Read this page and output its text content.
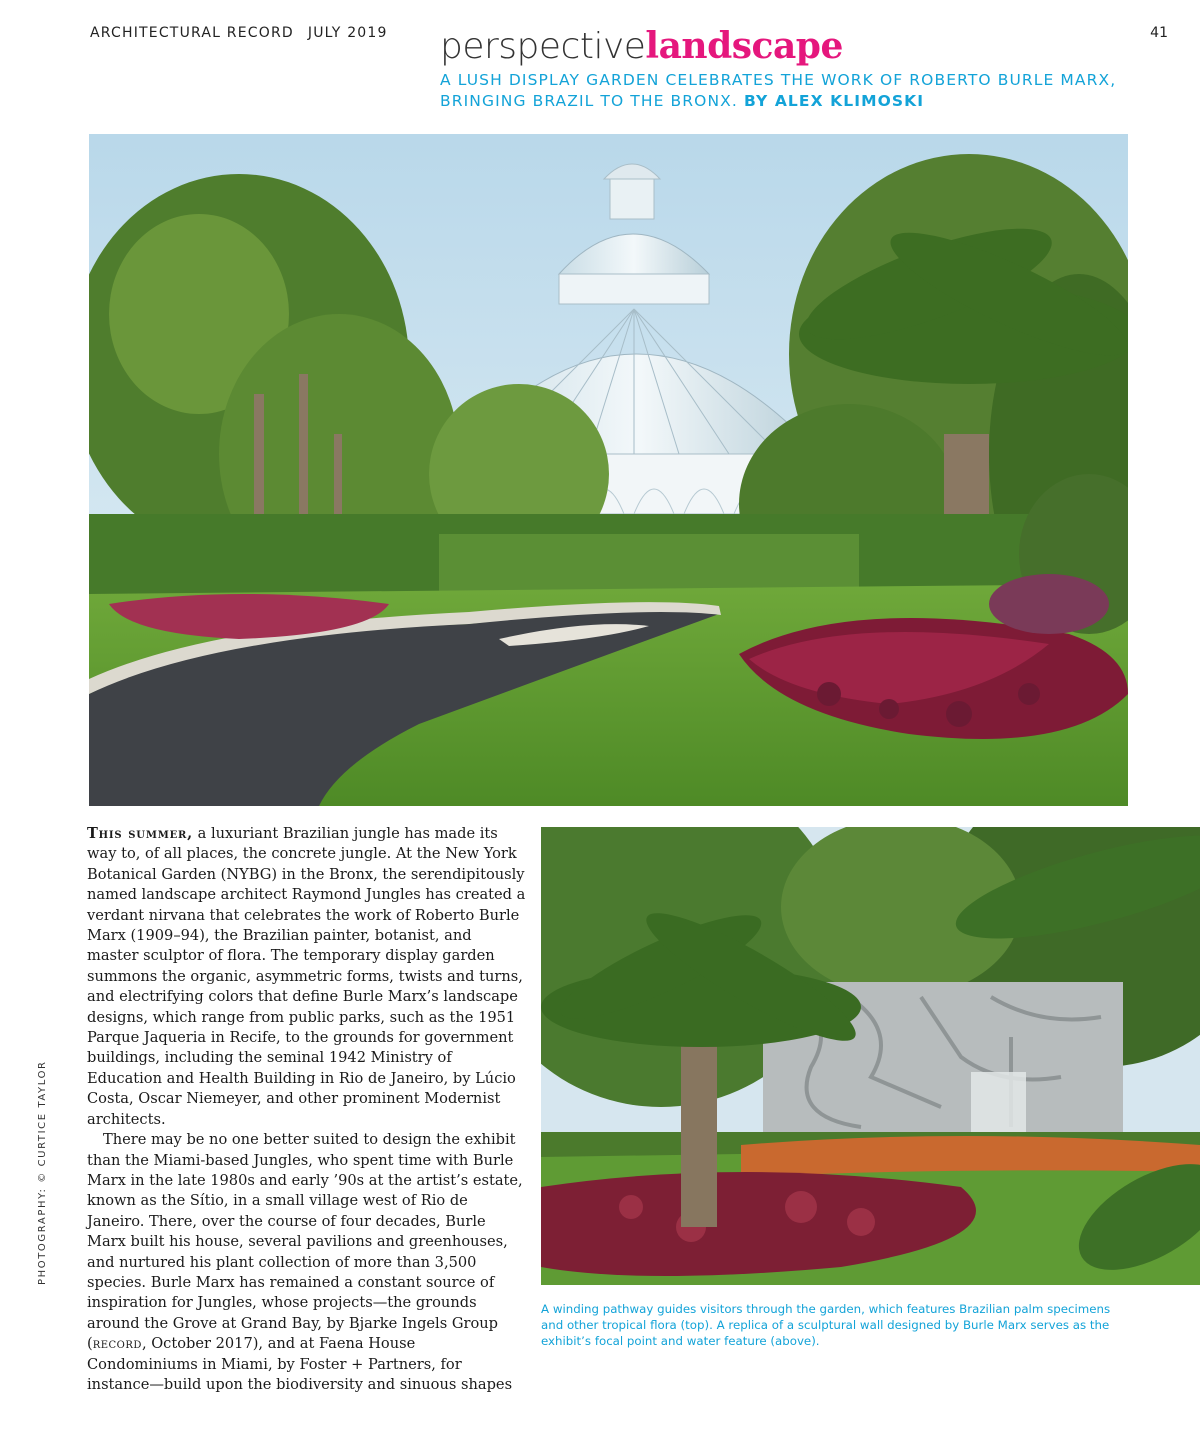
ARCHITECTURAL RECORD JULY 2019	41
perspectivelandscape
A LUSH DISPLAY GARDEN CELEBRATES THE WORK OF ROBERTO BURLE MARX, BRINGING BRAZIL TO THE BRONX. BY ALEX KLIMOSKI

This summer, a luxuriant Brazilian jungle has made its way to, of all places, the concrete jungle. At the New York Botanical Garden (NYBG) in the Bronx, the serendipitously named landscape architect Raymond Jungles has created a verdant nirvana that celebrates the work of Roberto Burle Marx (1909–94), the Brazilian painter, botanist, and master sculptor of flora. The temporary display garden summons the organic, asymmetric forms, twists and turns, and electrifying colors that define Burle Marx’s landscape designs, which range from public parks, such as the 1951 Parque Jaqueria in Recife, to the grounds for government buildings, including the seminal 1942 Ministry of Education and Health Building in Rio de Janeiro, by Lúcio Costa, Oscar Niemeyer, and other prominent Modernist architects.

There may be no one better suited to design the exhibit than the Miami-based Jungles, who spent time with Burle Marx in the late 1980s and early ’90s at the artist’s estate, known as the Sítio, in a small village west of Rio de Janeiro. There, over the course of four decades, Burle Marx built his house, several pavilions and greenhouses, and nurtured his plant collection of more than 3,500 species. Burle Marx has remained a constant source of inspiration for Jungles, whose projects—the grounds around the Grove at Grand Bay, by Bjarke Ingels Group (record, October 2017), and at Faena House Condominiums in Miami, by Foster + Partners, for instance—build upon the biodiversity and sinuous shapes

A winding pathway guides visitors through the garden, which features Brazilian palm specimens and other tropical flora (top). A replica of a sculptural wall designed by Burle Marx serves as the exhibit’s focal point and water feature (above).
PHOTOGRAPHY: © CURTICE TAYLOR
